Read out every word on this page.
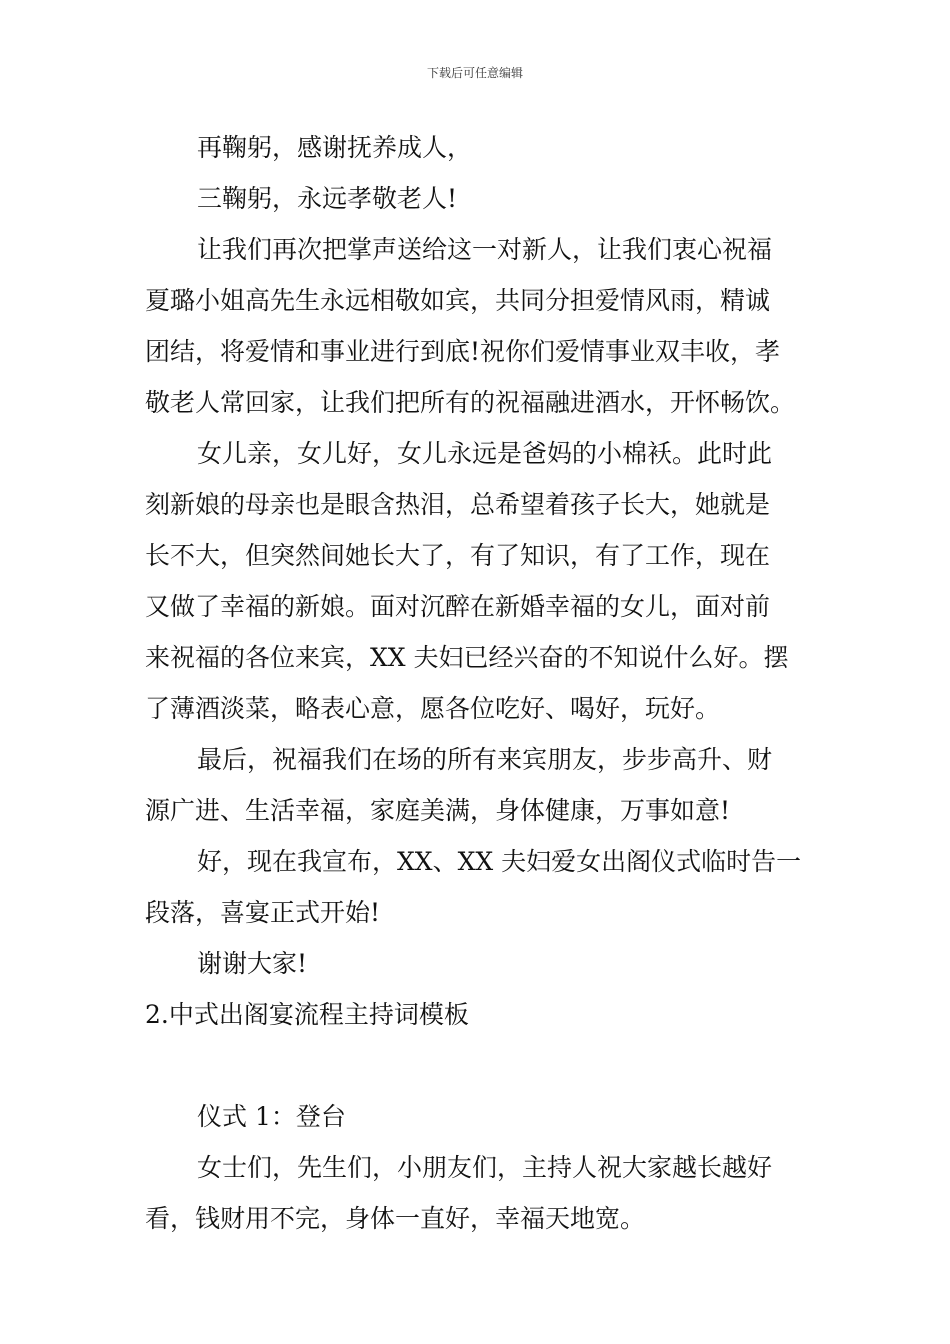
下载后可任意编辑

再鞠躬，感谢抚养成人，

三鞠躬，永远孝敬老人!

让我们再次把掌声送给这一对新人，让我们衷心祝福

夏璐小姐高先生永远相敬如宾，共同分担爱情风雨，精诚

团结，将爱情和事业进行到底!祝你们爱情事业双丰收，孝

敬老人常回家，让我们把所有的祝福融进酒水，开怀畅饮。

女儿亲，女儿好，女儿永远是爸妈的小棉袄。此时此

刻新娘的母亲也是眼含热泪，总希望着孩子长大，她就是

长不大，但突然间她长大了，有了知识，有了工作，现在

又做了幸福的新娘。面对沉醉在新婚幸福的女儿，面对前

来祝福的各位来宾，XX 夫妇已经兴奋的不知说什么好。摆

了薄酒淡菜，略表心意，愿各位吃好、喝好，玩好。

最后，祝福我们在场的所有来宾朋友，步步高升、财

源广进、生活幸福，家庭美满，身体健康，万事如意!

好，现在我宣布，XX、XX 夫妇爱女出阁仪式临时告一

段落，喜宴正式开始!

谢谢大家!

2.中式出阁宴流程主持词模板

仪式 1：登台

女士们，先生们，小朋友们，主持人祝大家越长越好

看，钱财用不完，身体一直好，幸福天地宽。
